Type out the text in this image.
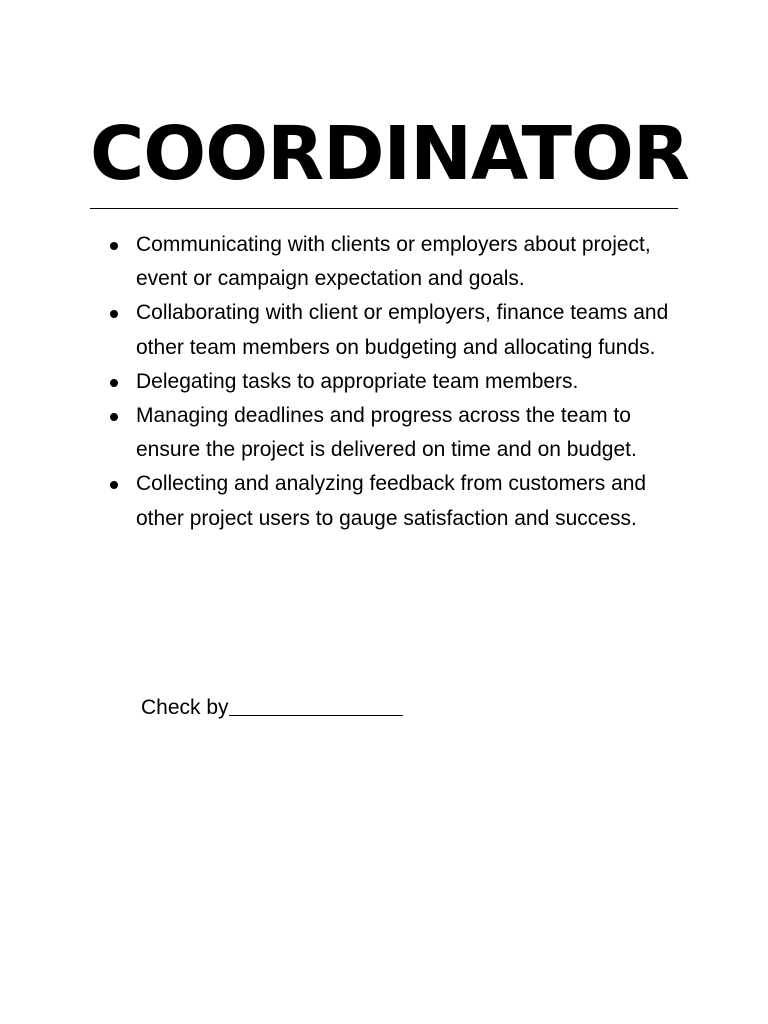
COORDINATOR
Communicating with clients or employers about project, event or campaign expectation and goals.
Collaborating with client or employers, finance teams and other team members on budgeting and allocating funds.
Delegating tasks to appropriate team members.
Managing deadlines and progress across the team to ensure the project is delivered on time and on budget.
Collecting and analyzing feedback from customers and other project users to gauge satisfaction and success.
Check by
